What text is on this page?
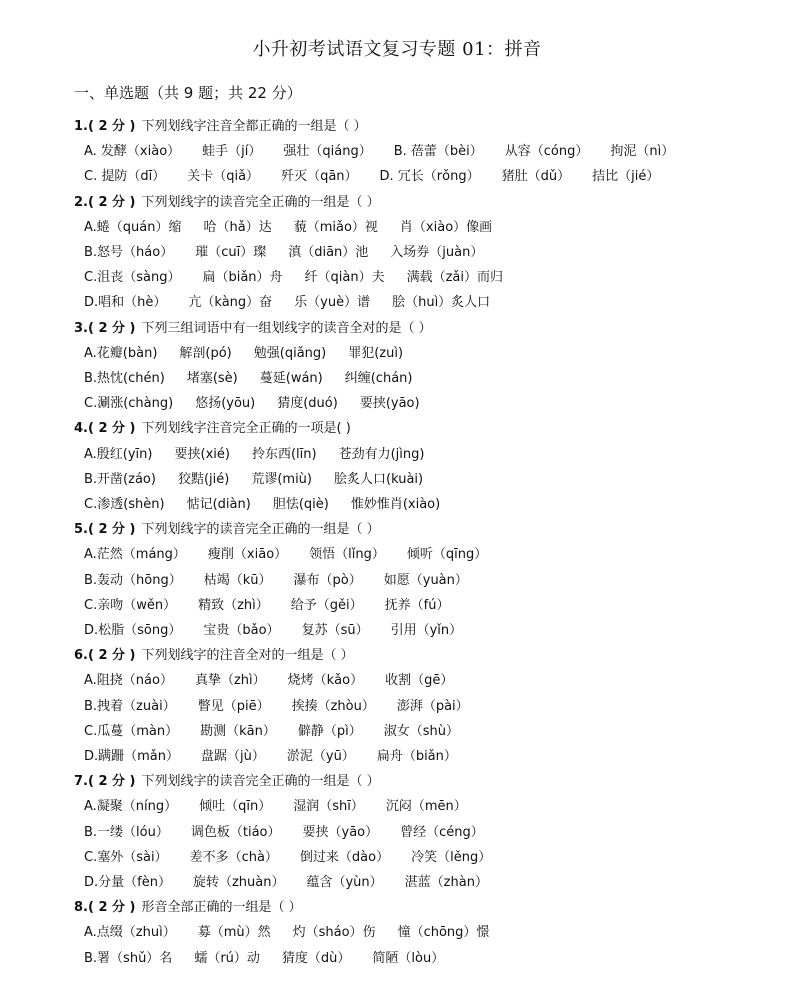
小升初考试语文复习专题 01：拼音
一、单选题（共 9 题；共 22 分）
1.( 2 分 ) 下列划线字注音全都正确的一组是（ ）
A. 发酵（xiào） 蛙手（jí） 强壮（qiáng） B. 蓓蕾（bèi） 从容（cóng） 拘泥（nì）
C. 提防（dī） 关卡（qiǎ） 歼灭（qān） D. 冗长（rǒng） 猪肚（dǔ） 拮比（jié）
2.( 2 分 ) 下列划线字的读音完全正确的一组是（ ）
A.蜷（quán）缩 哈（hǎ）达 藐（miǎo）视 肖（xiào）像画
B.怒号（háo） 璀（cuī）璨 滇（diān）池 入场券（juàn）
C.沮丧（sàng） 扁（biǎn）舟 纤（qiàn）夫 满载（zǎi）而归
D.唱和（hè） 亢（kàng）奋 乐（yuè）谱 脍（huì）炙人口
3.( 2 分 ) 下列三组词语中有一组划线字的读音全对的是（ ）
A.花瓣(bàn) 解剖(pó) 勉强(qiǎng) 罪犯(zuì)
B.热忱(chén) 堵塞(sè) 蔓延(wán) 纠缠(chán)
C.涮涨(chàng) 悠扬(yōu) 猜度(duó) 要挟(yāo)
4.( 2 分 ) 下列划线字注音完全正确的一项是( )
A.殷红(yīn) 要挟(xié) 拎东西(līn) 苍劲有力(jìng)
B.开凿(záo) 狡黠(jié) 荒谬(miù) 脍炙人口(kuài)
C.渗透(shèn) 惦记(diàn) 胆怯(qiè) 惟妙惟肖(xiào)
5.( 2 分 ) 下列划线字的读音完全正确的一组是（ ）
A.茫然（máng） 瘦削（xiāo） 领悟（lǐng） 倾听（qīng）
B.轰动（hōng） 枯竭（kū） 瀑布（pò） 如愿（yuàn）
C.亲吻（wěn） 精致（zhì） 给予（gěi） 抚养（fú）
D.松脂（sōng） 宝贵（bǎo） 复苏（sū） 引用（yǐn）
6.( 2 分 ) 下列划线字的注音全对的一组是（ ）
A.阻挠（náo） 真挚（zhì） 烧烤（kǎo） 收割（gē）
B.拽着（zuài） 瞥见（piē） 挨揍（zhòu） 澎湃（pài）
C.瓜蔓（màn） 勘测（kān） 僻静（pì） 淑女（shù）
D.蹒跚（mǎn） 盘踞（jù） 淤泥（yū） 扁舟（biǎn）
7.( 2 分 ) 下列划线字的读音完全正确的一组是（ ）
A.凝聚（níng） 倾吐（qīn） 湿润（shī） 沉闷（mēn）
B.一缕（lóu） 调色板（tiáo） 要挟（yāo） 曾经（céng）
C.塞外（sài） 差不多（chà） 倒过来（dào） 冷笑（lěng）
D.分量（fèn） 旋转（zhuàn） 蕴含（yùn） 湛蓝（zhàn）
8.( 2 分 ) 形音全部正确的一组是（ ）
A.点缀（zhuì） 募（mù）然 灼（sháo）伤 憧（chōng）憬
B.署（shǔ）名 蠕（rú）动 猜度（dù） 简陋（lòu）
